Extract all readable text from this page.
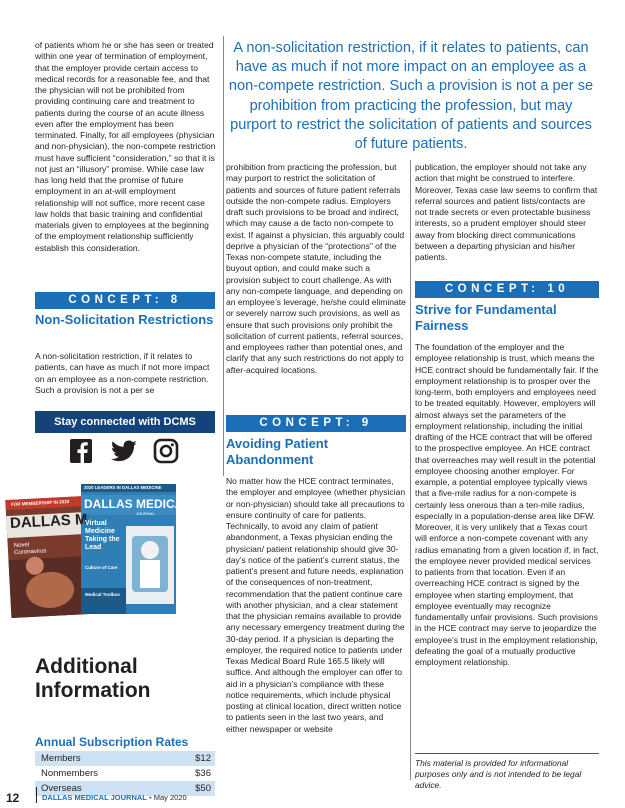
of patients whom he or she has seen or treated within one year of termination of employment, that the employer provide certain access to medical records for a reasonable fee, and that the physician will not be prohibited from providing continuing care and treatment to patients during the course of an acute illness even after the employment has been terminated. Finally, for all employees (physician and non-physician), the non-compete restriction must have sufficient “consideration,” so that it is not just an “illusory” promise. While case law has long held that the promise of future employment in an at-will employment relationship will not suffice, more recent case law holds that basic training and confidential materials given to employees at the beginning of the employment relationship sufficiently establish this consideration.

A non-solicitation restriction, if it relates to patients, can have as much if not more impact on an employee as a non-compete restriction. Such a provision is not a per se prohibition from practicing the profession, but may purport to restrict the solicitation of patients and sources of future patients.
CONCEPT: 8
Non-Solicitation Restrictions

A non-solicitation restriction, if it relates to patients, can have as much if not more impact on an employee as a non-compete restriction. Such a provision is not a per se

Stay connected with DCMS
FOR MEMBERSHIP IN 2020
DALLAS M
Novel Coronavirus
2020 LEADERS IN DALLAS MEDICINE
DALLAS MEDICAL
JOURNAL
Virtual Medicine Taking the Lead
Culture of Care
Medical Toolbox
Additional Information
Annual Subscription Rates
Members	$12
Nonmembers	$36
Overseas	$50

prohibition from practicing the profession, but may purport to restrict the solicitation of patients and sources of future patient referrals outside the non-compete radius. Employers draft such provisions to be broad and indirect, which may cause a de facto non-compete to exist. If against a physician, this arguably could deprive a physician of the “protections” of the Texas non-compete statute, including the buyout option, and could make such a provision subject to court challenge. As with any non-compete language, and depending on an employee’s leverage, he/she could eliminate or severely narrow such provisions, as well as ensure that such provisions only prohibit the solicitation of current patients, referral sources, and employees rather than potential ones, and clarify that any such restrictions do not apply to after-acquired locations.

CONCEPT: 9
Avoiding Patient Abandonment

No matter how the HCE contract terminates, the employer and employee (whether physician or non-physician) should take all precautions to ensure continuity of care for patients. Technically, to avoid any claim of patient abandonment, a Texas physician ending the physician/ patient relationship should give 30-day’s notice of the patient’s current status, the patient’s present and future needs, explanation of the consequences of non-treatment, recommendation that the patient continue care with another physician, and a clear statement that the physician remains available to provide any necessary emergency treatment during the 30-day period. If a physician is departing the employer, the required notice to patients under Texas Medical Board Rule 165.5 likely will suffice. And although the employer can offer to aid in a physician’s compliance with these notice requirements, which include physical posting at clinical location, direct written notice to patients seen in the last two years, and either newspaper or website

publication, the employer should not take any action that might be construed to interfere. Moreover, Texas case law seems to confirm that referral sources and patient lists/contacts are not trade secrets or even protectable business interests, so a prudent employer should steer away from blocking direct communications between a departing physician and his/her patients.

CONCEPT: 10
Strive for Fundamental Fairness

The foundation of the employer and the employee relationship is trust, which means the HCE contract should be fundamentally fair. If the employment relationship is to prosper over the long-term, both employers and employees need to be treated equitably. However, employers will almost always set the parameters of the employment relationship, including the initial drafting of the HCE contract that will be offered to the prospective employee. An HCE contract that overreaches may well result in the potential employee choosing another employer. For example, a potential employee typically views that a five-mile radius for a non-compete is certainly less onerous than a ten-mile radius, especially in a population-dense area like DFW. Moreover, it is very unlikely that a Texas court will enforce a non-compete covenant with any radius emanating from a given location if, in fact, the employee never provided medical services to patients from that location. Even if an overreaching HCE contract is signed by the employee when starting employment, that employee eventually may recognize fundamentally unfair provisions. Such provisions in the HCE contract may serve to jeopardize the employee’s trust in the employment relationship, defeating the goal of a mutually productive employment relationship.

This material is provided for informational purposes only and is not intended to be legal advice.
12	DALLAS MEDICAL JOURNAL • May 2020
